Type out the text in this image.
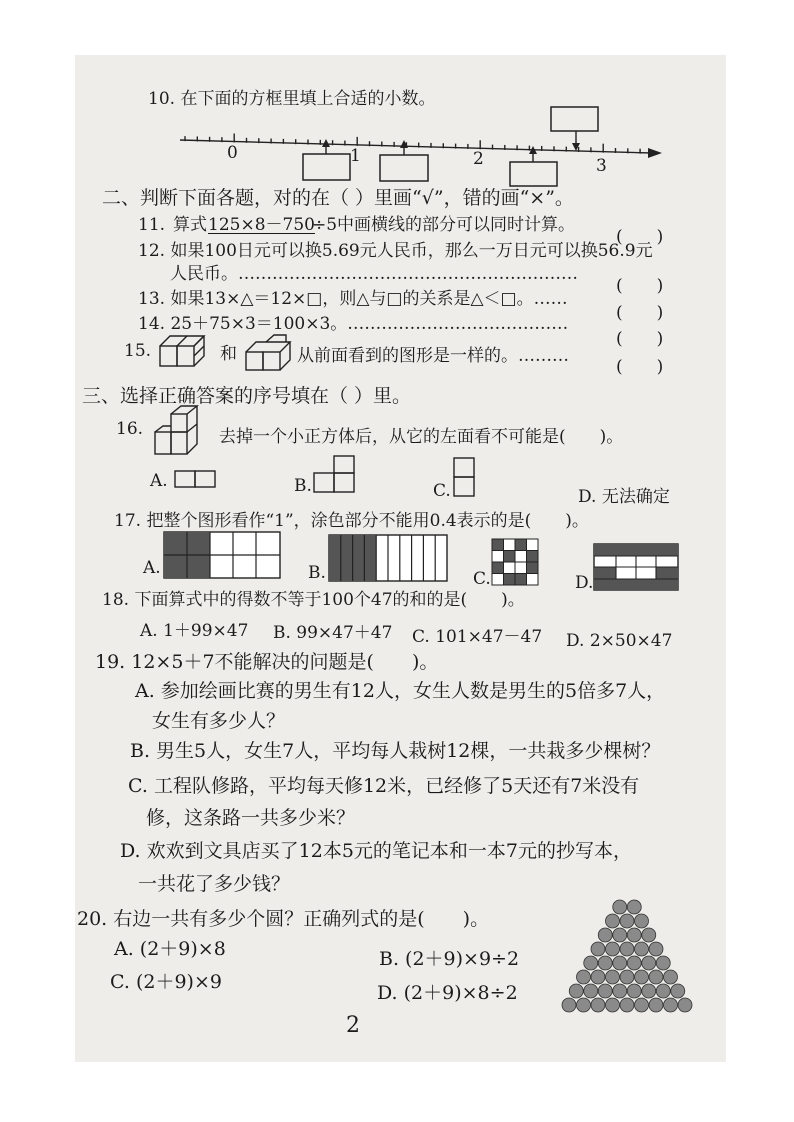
10. 在下面的方框里填上合适的小数。
0	1	2	3
二、判断下面各题，对的在（ ）里画“√”，错的画“×”。
11. 算式 125×8－750
÷5中画横线的部分可以同时计算。
(　　)
12. 如果100日元可以换5.69元人民币，那么一万日元可以换56.9元
人民币。……………………………………………………
(　　)
13. 如果13×△＝12×□，则△与□的关系是△＜□。……
(　　)
14. 25＋75×3＝100×3。…………………………………
(　　)
15.	和	从前面看到的图形是一样的。………
(　　)
三、选择正确答案的序号填在（ ）里。
16.	去掉一个小正方体后，从它的左面看不可能是(　　)。
A.	B.	C.	D. 无法确定
17. 把整个图形看作“1”，涂色部分不能用0.4表示的是(　　)。
A.	B.	C.	D.
18. 下面算式中的得数不等于100个47的和的是(　　)。
A. 1＋99×47 B. 99×47＋47 C. 101×47－47 D. 2×50×47
19. 12×5＋7不能解决的问题是(　　)。
A. 参加绘画比赛的男生有12人，女生人数是男生的5倍多7人，
女生有多少人？
B. 男生5人，女生7人，平均每人栽树12棵，一共栽多少棵树？
C. 工程队修路，平均每天修12米，已经修了5天还有7米没有
修，这条路一共多少米？
D. 欢欢到文具店买了12本5元的笔记本和一本7元的抄写本，
一共花了多少钱？
20. 右边一共有多少个圆？正确列式的是(　　)。
A. (2＋9)×8	B. (2＋9)×9÷2
C. (2＋9)×9	D. (2＋9)×8÷2
2
